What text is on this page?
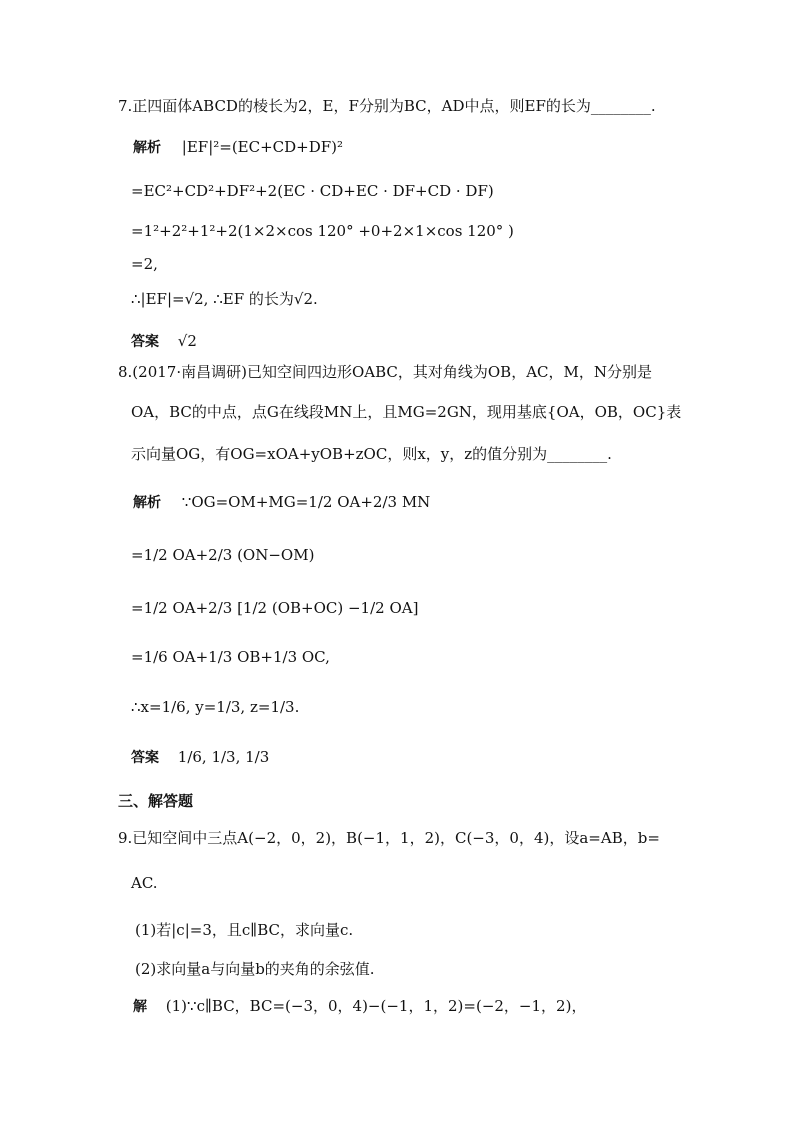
7.正四面体ABCD的棱长为2，E，F分别为BC，AD中点，则EF的长为________.
解析 |EF|²=(EC+CD+DF)²
=EC²+CD²+DF²+2(EC · CD+EC · DF+CD · DF)
=1²+2²+1²+2(1×2×cos 120° +0+2×1×cos 120° )
=2,
∴|EF|=√2, ∴EF 的长为√2.
答案 √2
8.(2017·南昌调研)已知空间四边形OABC，其对角线为OB，AC，M，N分别是
OA，BC的中点，点G在线段MN上，且MG=2GN，现用基底{OA，OB，OC}表
示向量OG，有OG=xOA+yOB+zOC，则x，y，z的值分别为________.
解析 ∵OG=OM+MG=1/2 OA+2/3 MN
=1/2 OA+2/3 (ON−OM)
=1/2 OA+2/3 [1/2 (OB+OC) −1/2 OA]
=1/6 OA+1/3 OB+1/3 OC,
∴x=1/6, y=1/3, z=1/3.
答案 1/6, 1/3, 1/3
三、解答题
9.已知空间中三点A(−2，0，2)，B(−1，1，2)，C(−3，0，4)，设a=AB，b=
AC.
(1)若|c|=3，且c∥BC，求向量c.
(2)求向量a与向量b的夹角的余弦值.
解 (1)∵c∥BC，BC=(−3，0，4)−(−1，1，2)=(−2，−1，2)，
